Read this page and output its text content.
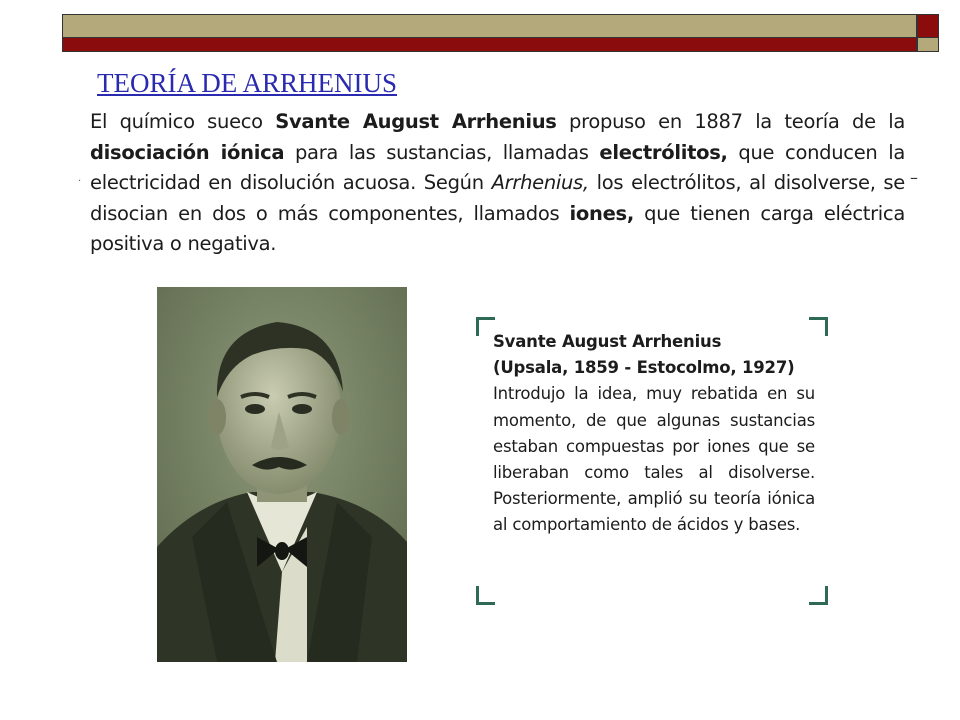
TEORÍA DE ARRHENIUS
·	–

El químico sueco Svante August Arrhenius propuso en 1887 la teoría de la disociación iónica para las sustancias, llamadas electrólitos, que conducen la electricidad en disolución acuosa. Según Arrhenius, los electrólitos, al disolverse, se disocian en dos o más componentes, llamados iones, que tienen carga eléctrica positiva o negativa.

Svante August Arrhenius
(Upsala, 1859 - Estocolmo, 1927)
Introdujo la idea, muy rebatida en su momento, de que algunas sustancias estaban compuestas por iones que se liberaban como tales al disolverse. Posteriormente, amplió su teoría iónica al comportamiento de ácidos y bases.
